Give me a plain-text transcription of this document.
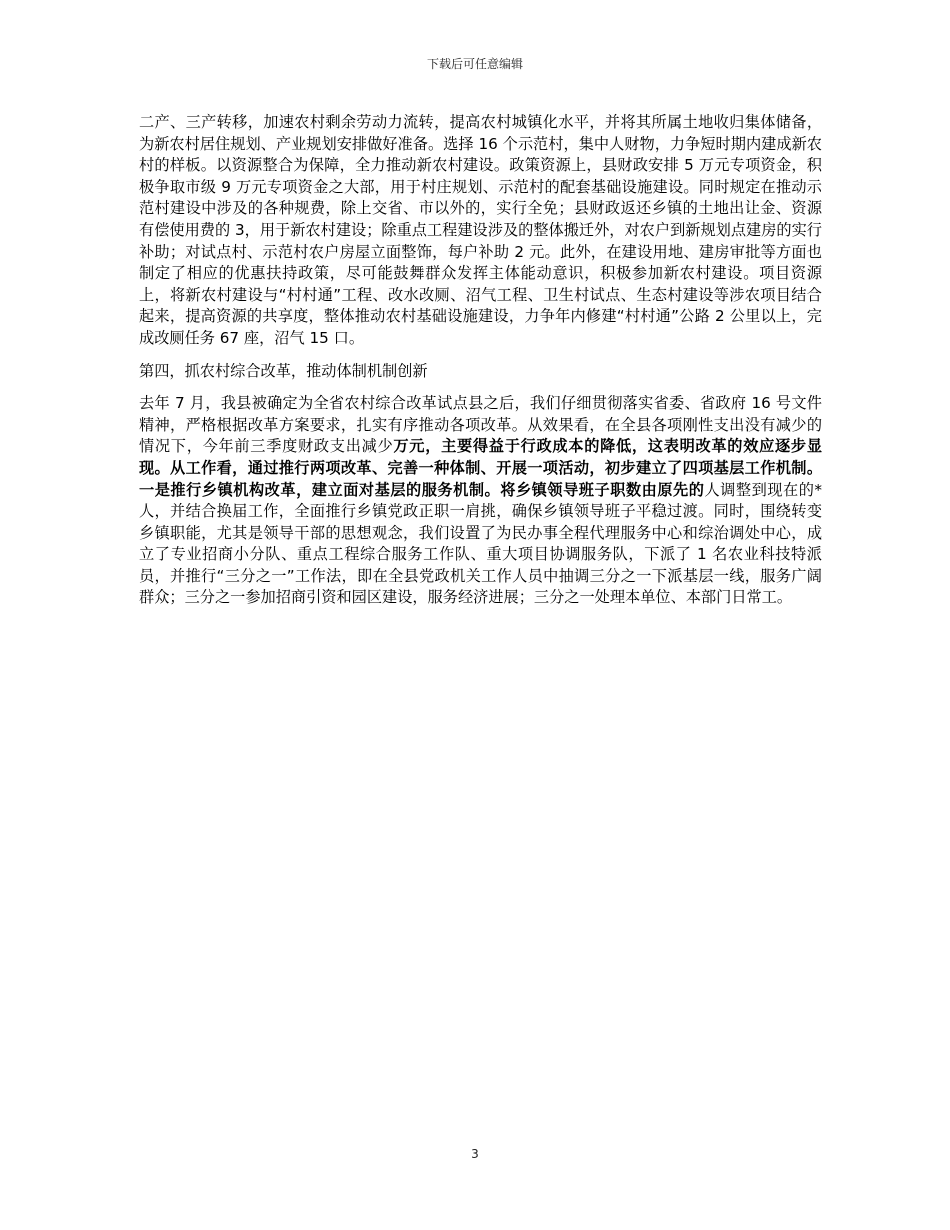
下载后可任意编辑

二产、三产转移，加速农村剩余劳动力流转，提高农村城镇化水平，并将其所属土地收归集体储备，为新农村居住规划、产业规划安排做好准备。选择 16 个示范村，集中人财物，力争短时期内建成新农村的样板。以资源整合为保障，全力推动新农村建设。政策资源上，县财政安排 5 万元专项资金，积极争取市级 9 万元专项资金之大部，用于村庄规划、示范村的配套基础设施建设。同时规定在推动示范村建设中涉及的各种规费，除上交省、市以外的，实行全免；县财政返还乡镇的土地出让金、资源有偿使用费的 3，用于新农村建设；除重点工程建设涉及的整体搬迁外，对农户到新规划点建房的实行补助；对试点村、示范村农户房屋立面整饰，每户补助 2 元。此外，在建设用地、建房审批等方面也制定了相应的优惠扶持政策，尽可能鼓舞群众发挥主体能动意识，积极参加新农村建设。项目资源上，将新农村建设与“村村通”工程、改水改厕、沼气工程、卫生村试点、生态村建设等涉农项目结合起来，提高资源的共享度，整体推动农村基础设施建设，力争年内修建“村村通”公路 2 公里以上，完成改厕任务 67 座，沼气 15 口。

第四，抓农村综合改革，推动体制机制创新

去年 7 月，我县被确定为全省农村综合改革试点县之后，我们仔细贯彻落实省委、省政府 16 号文件精神，严格根据改革方案要求，扎实有序推动各项改革。从效果看，在全县各项刚性支出没有减少的情况下，今年前三季度财政支出减少万元，主要得益于行政成本的降低，这表明改革的效应逐步显现。从工作看，通过推行两项改革、完善一种体制、开展一项活动，初步建立了四项基层工作机制。一是推行乡镇机构改革，建立面对基层的服务机制。将乡镇领导班子职数由原先的人调整到现在的*人，并结合换届工作，全面推行乡镇党政正职一肩挑，确保乡镇领导班子平稳过渡。同时，围绕转变乡镇职能，尤其是领导干部的思想观念，我们设置了为民办事全程代理服务中心和综治调处中心，成立了专业招商小分队、重点工程综合服务工作队、重大项目协调服务队，下派了 1 名农业科技特派员，并推行“三分之一”工作法，即在全县党政机关工作人员中抽调三分之一下派基层一线，服务广阔群众；三分之一参加招商引资和园区建设，服务经济进展；三分之一处理本单位、本部门日常工。

3
